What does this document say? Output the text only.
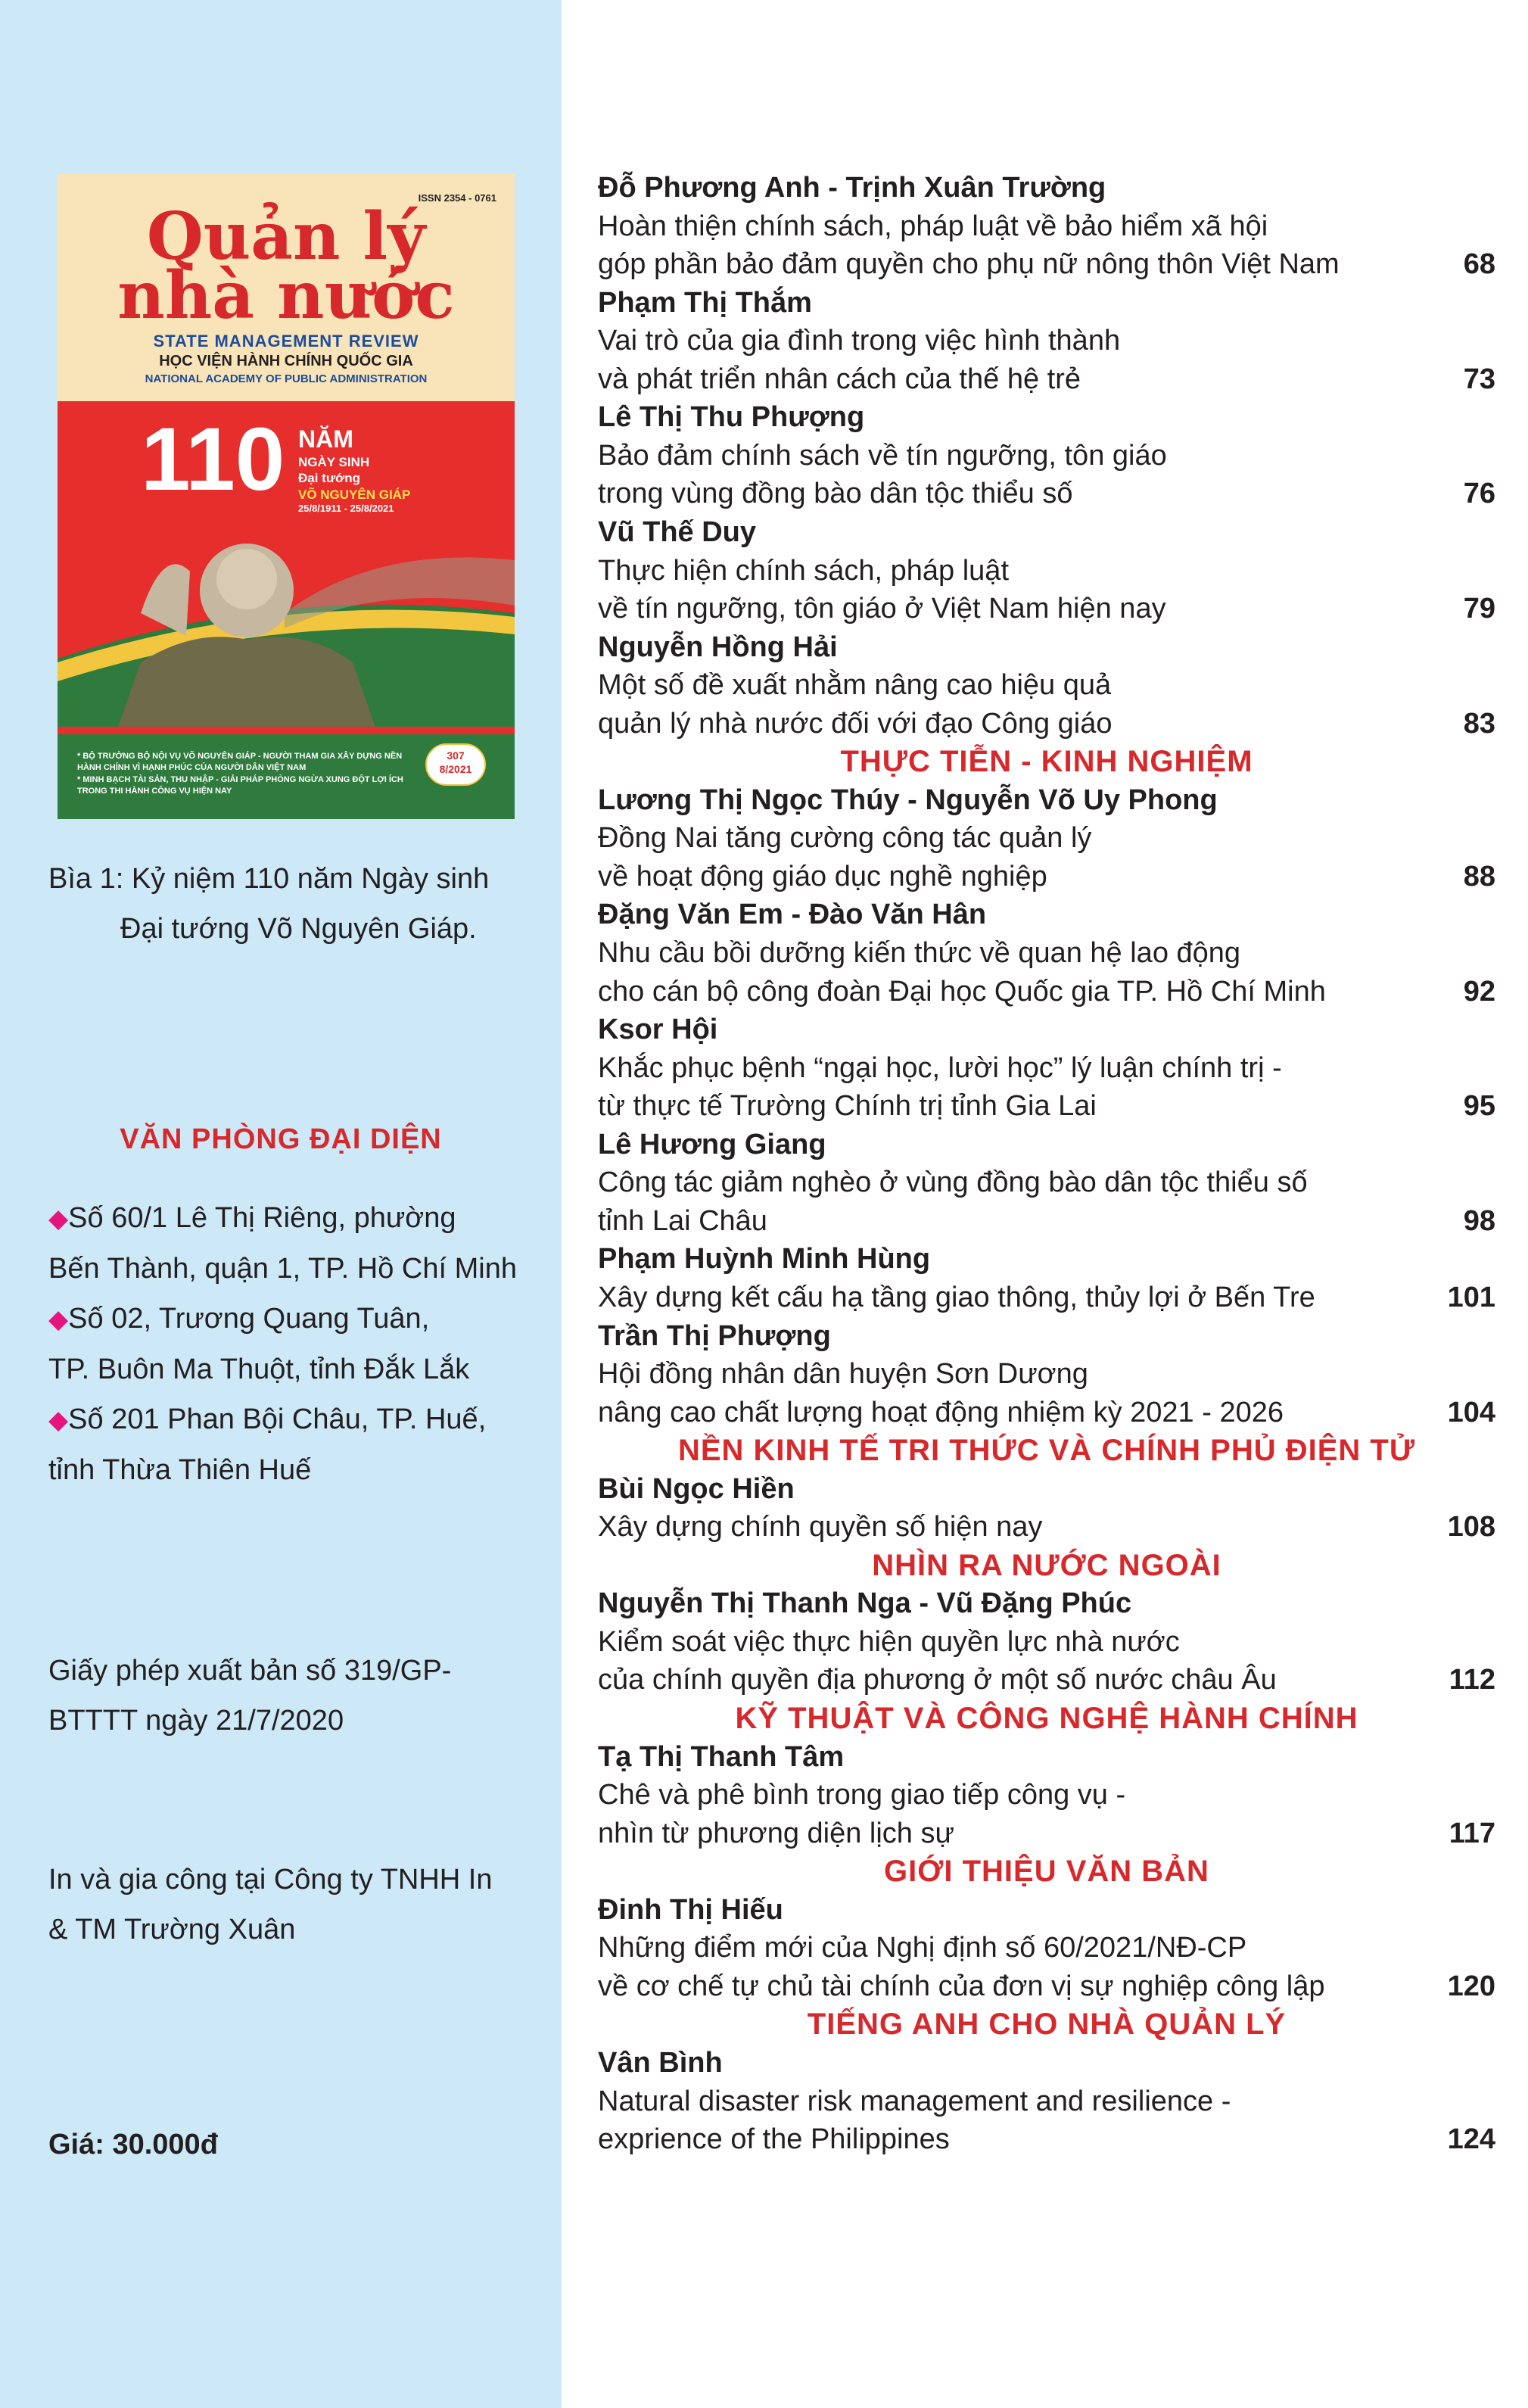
ISSN 2354 - 0761
Quản lý
nhà nước
STATE MANAGEMENT REVIEW
HỌC VIỆN HÀNH CHÍNH QUỐC GIA
NATIONAL ACADEMY OF PUBLIC ADMINISTRATION
110 NĂM
NGÀY SINH
Đại tướng
VÕ NGUYÊN GIÁP
25/8/1911 - 25/8/2021
* BỘ TRƯỞNG BỘ NỘI VỤ VÕ NGUYÊN GIÁP - NGƯỜI THAM GIA XÂY DỰNG NỀN HÀNH CHÍNH VÌ HẠNH PHÚC CỦA NGƯỜI DÂN VIỆT NAM
* MINH BẠCH TÀI SẢN, THU NHẬP - GIẢI PHÁP PHÒNG NGỪA XUNG ĐỘT LỢI ÍCH TRONG THI HÀNH CÔNG VỤ HIỆN NAY
307
8/2021
Bìa 1: Kỷ niệm 110 năm Ngày sinh
Đại tướng Võ Nguyên Giáp.
VĂN PHÒNG ĐẠI DIỆN
◆Số 60/1 Lê Thị Riêng, phường
Bến Thành, quận 1, TP. Hồ Chí Minh
◆Số 02, Trương Quang Tuân,
TP. Buôn Ma Thuột, tỉnh Đắk Lắk
◆Số 201 Phan Bội Châu, TP. Huế,
tỉnh Thừa Thiên Huế
Giấy phép xuất bản số 319/GP-
BTTTT ngày 21/7/2020
In và gia công tại Công ty TNHH In
& TM Trường Xuân
Giá: 30.000đ
Đỗ Phương Anh - Trịnh Xuân Trường
Hoàn thiện chính sách, pháp luật về bảo hiểm xã hội
góp phần bảo đảm quyền cho phụ nữ nông thôn Việt Nam	68
Phạm Thị Thắm
Vai trò của gia đình trong việc hình thành
và phát triển nhân cách của thế hệ trẻ	73
Lê Thị Thu Phượng
Bảo đảm chính sách về tín ngưỡng, tôn giáo
trong vùng đồng bào dân tộc thiểu số	76
Vũ Thế Duy
Thực hiện chính sách, pháp luật
về tín ngưỡng, tôn giáo ở Việt Nam hiện nay	79
Nguyễn Hồng Hải
Một số đề xuất nhằm nâng cao hiệu quả
quản lý nhà nước đối với đạo Công giáo	83
THỰC TIỄN - KINH NGHIỆM
Lương Thị Ngọc Thúy - Nguyễn Võ Uy Phong
Đồng Nai tăng cường công tác quản lý
về hoạt động giáo dục nghề nghiệp	88
Đặng Văn Em - Đào Văn Hân
Nhu cầu bồi dưỡng kiến thức về quan hệ lao động
cho cán bộ công đoàn Đại học Quốc gia TP. Hồ Chí Minh	92
Ksor Hội
Khắc phục bệnh “ngại học, lười học” lý luận chính trị -
từ thực tế Trường Chính trị tỉnh Gia Lai	95
Lê Hương Giang
Công tác giảm nghèo ở vùng đồng bào dân tộc thiểu số
tỉnh Lai Châu	98
Phạm Huỳnh Minh Hùng
Xây dựng kết cấu hạ tầng giao thông, thủy lợi ở Bến Tre	101
Trần Thị Phượng
Hội đồng nhân dân huyện Sơn Dương
nâng cao chất lượng hoạt động nhiệm kỳ 2021 - 2026	104
NỀN KINH TẾ TRI THỨC VÀ CHÍNH PHỦ ĐIỆN TỬ
Bùi Ngọc Hiền
Xây dựng chính quyền số hiện nay	108
NHÌN RA NƯỚC NGOÀI
Nguyễn Thị Thanh Nga - Vũ Đặng Phúc
Kiểm soát việc thực hiện quyền lực nhà nước
của chính quyền địa phương ở một số nước châu Âu	112
KỸ THUẬT VÀ CÔNG NGHỆ HÀNH CHÍNH
Tạ Thị Thanh Tâm
Chê và phê bình trong giao tiếp công vụ -
nhìn từ phương diện lịch sự	117
GIỚI THIỆU VĂN BẢN
Đinh Thị Hiếu
Những điểm mới của Nghị định số 60/2021/NĐ-CP
về cơ chế tự chủ tài chính của đơn vị sự nghiệp công lập	120
TIẾNG ANH CHO NHÀ QUẢN LÝ
Vân Bình
Natural disaster risk management and resilience -
exprience of the Philippines	124
